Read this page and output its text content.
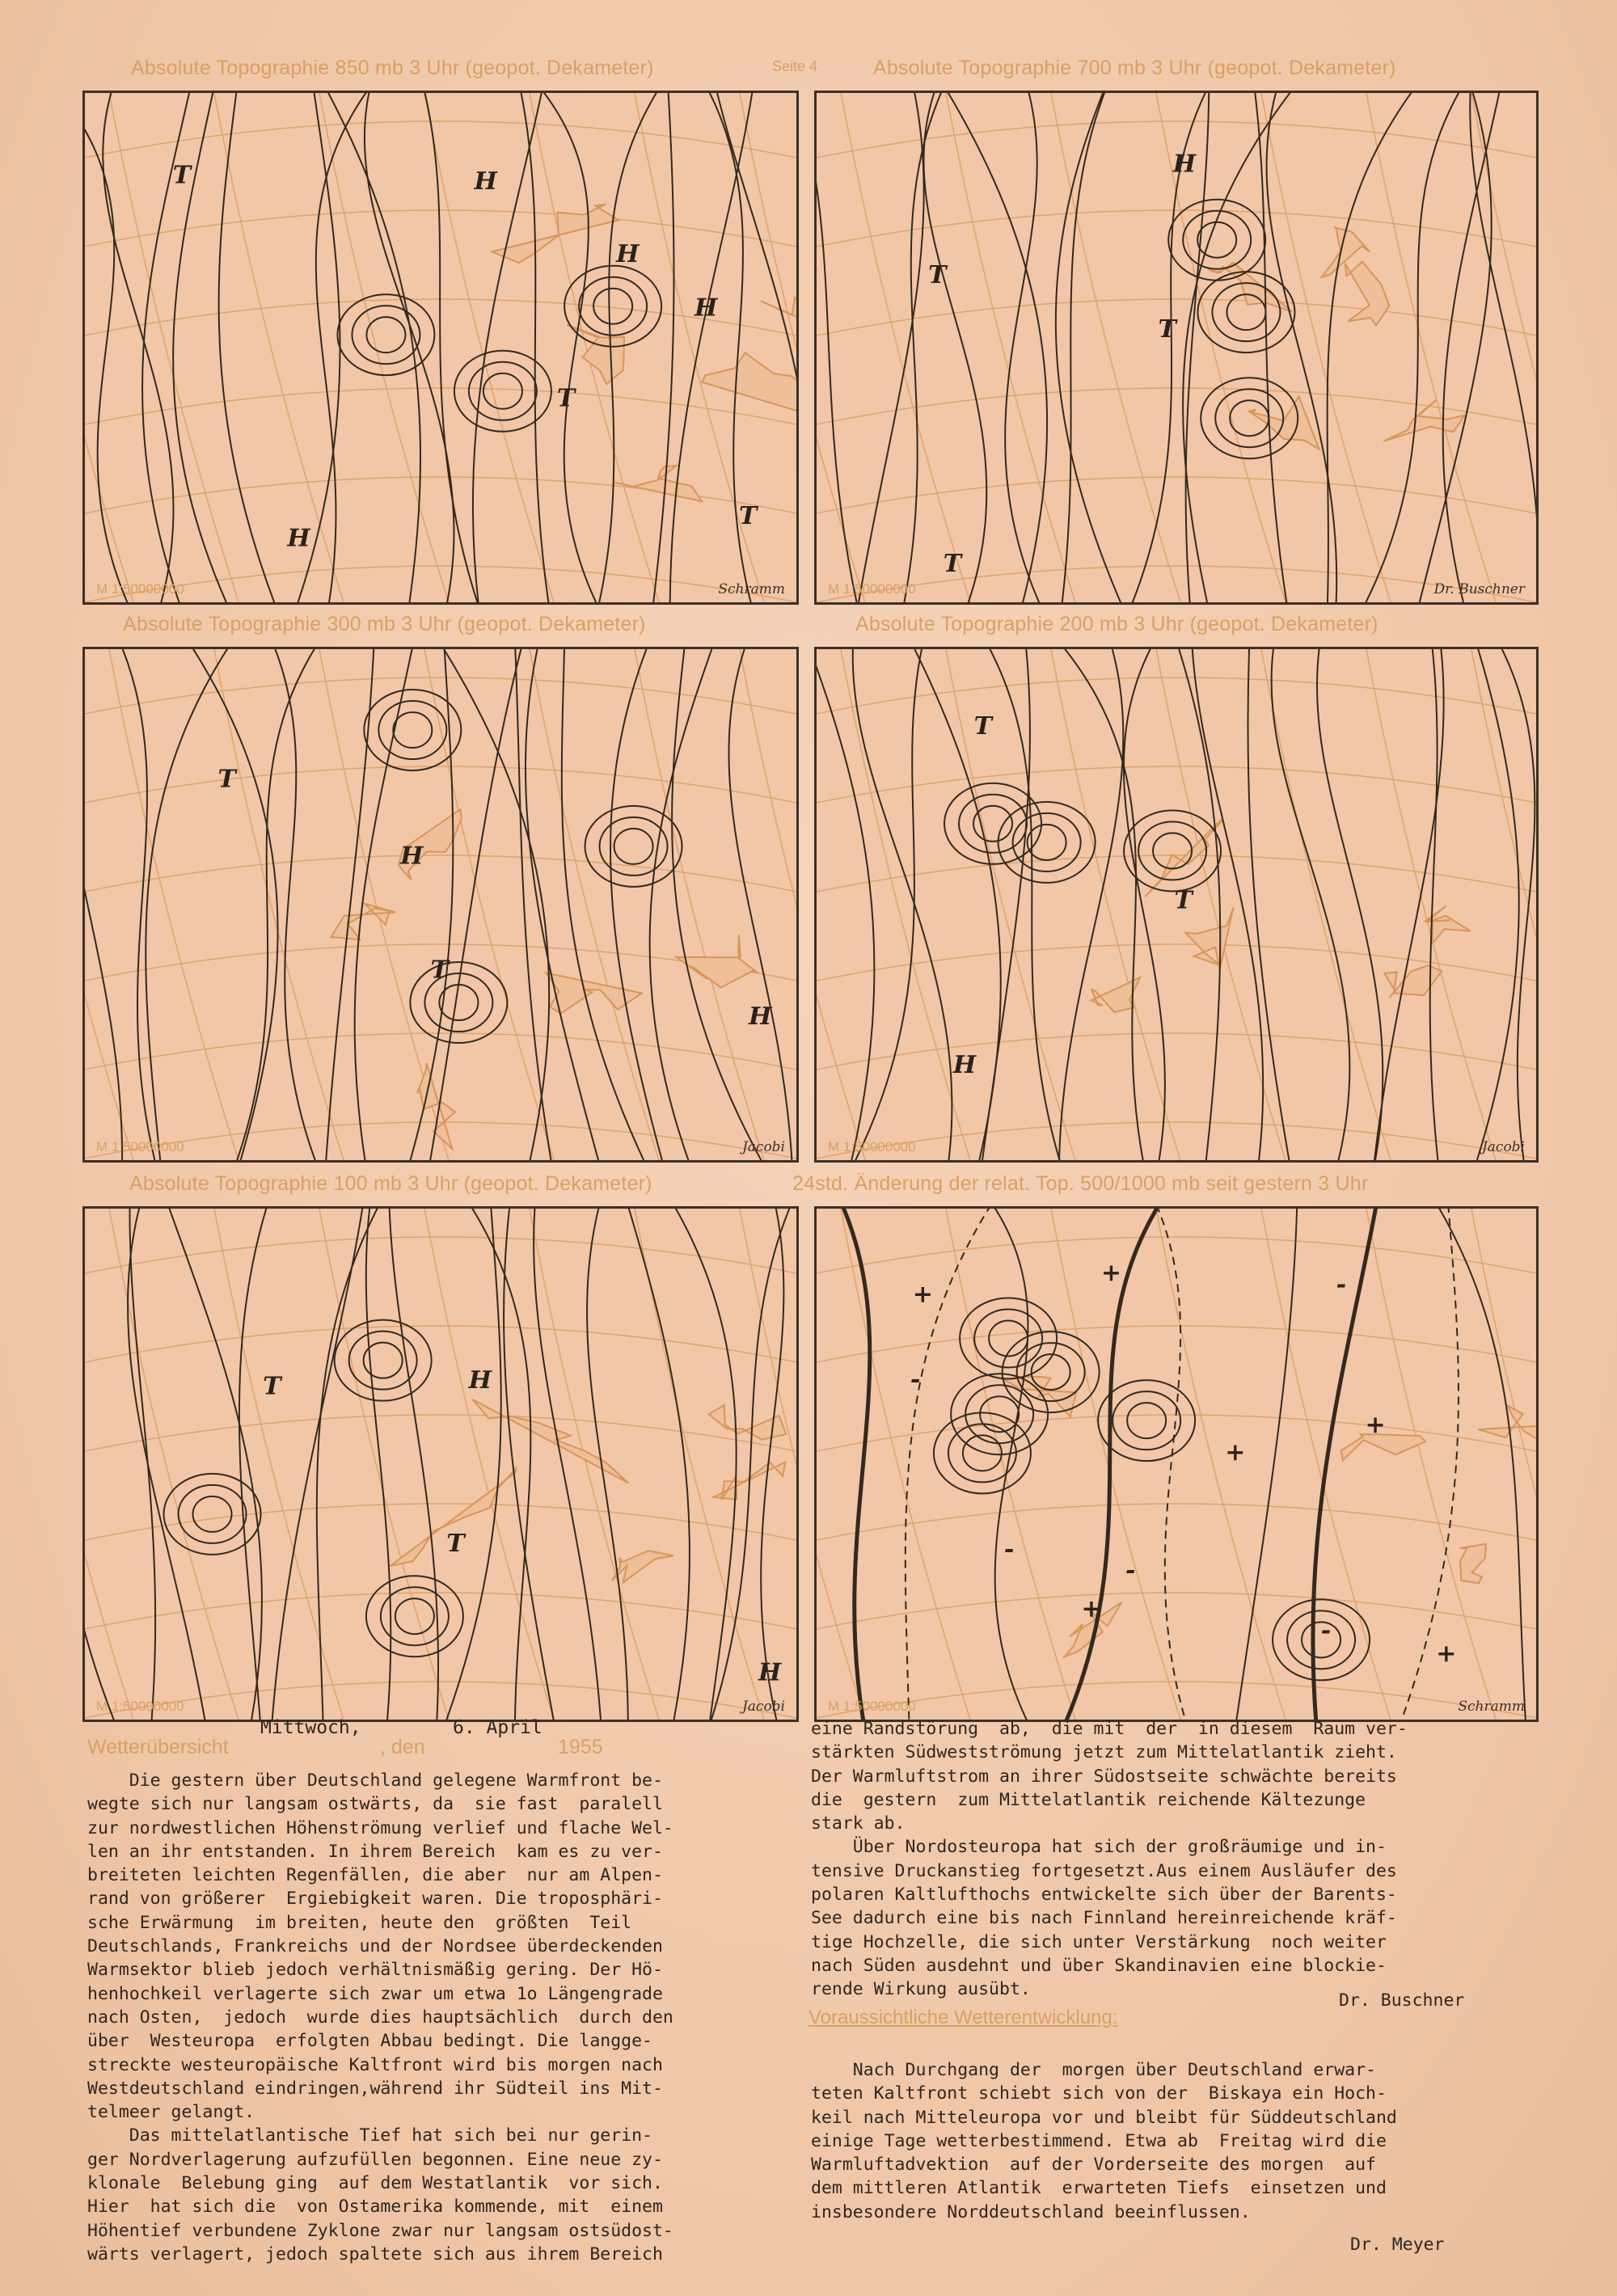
Seite 4
Absolute Topographie 850 mb 3 Uhr (geopot. Dekameter)	Absolute Topographie 700 mb 3 Uhr (geopot. Dekameter)
Absolute Topographie 300 mb 3 Uhr (geopot. Dekameter)	Absolute Topographie 200 mb 3 Uhr (geopot. Dekameter)
Absolute Topographie 100 mb 3 Uhr (geopot. Dekameter)	24std. Änderung der relat. Top. 500/1000 mb seit gestern 3 Uhr
T
T
T
H
H
H
H
M 1:50000000	Schramm
T
T
T
H
M 1:50000000	Dr. Buschner
T
T
H
H
M 1:50000000	Jacobi
T
T
H
M 1:50000000	Jacobi
T
T
H
H
M 1:50000000	Jacobi
+
+
+
+
+
+
-
-
-
-
-
M 1:50000000	Schramm
Wetterübersicht
Mittwoch,
, den
6. April
1955

Die gestern über Deutschland gelegene Warmfront be-

wegte sich nur langsam ostwärts, da  sie fast  paralell

zur nordwestlichen Höhenströmung verlief und flache Wel-

len an ihr entstanden. In ihrem Bereich  kam es zu ver-

breiteten leichten Regenfällen, die aber  nur am Alpen-

rand von größerer  Ergiebigkeit waren. Die troposphäri-

sche Erwärmung  im breiten, heute den  größten  Teil

Deutschlands, Frankreichs und der Nordsee überdeckenden

Warmsektor blieb jedoch verhältnismäßig gering. Der Hö-

henhochkeil verlagerte sich zwar um etwa 1o Längengrade

nach Osten,  jedoch  wurde dies hauptsächlich  durch den

über  Westeuropa  erfolgten Abbau bedingt. Die langge-

streckte westeuropäische Kaltfront wird bis morgen nach

Westdeutschland eindringen,während ihr Südteil ins Mit-

telmeer gelangt.

Das mittelatlantische Tief hat sich bei nur gerin-

ger Nordverlagerung aufzufüllen begonnen. Eine neue zy-

klonale  Belebung ging  auf dem Westatlantik  vor sich.

Hier  hat sich die  von Ostamerika kommende, mit  einem

Höhentief verbundene Zyklone zwar nur langsam ostsüdost-

wärts verlagert, jedoch spaltete sich aus ihrem Bereich

eine Randstörung  ab,  die mit  der  in diesem  Raum ver-

stärkten Südwestströmung jetzt zum Mittelatlantik zieht.

Der Warmluftstrom an ihrer Südostseite schwächte bereits

die  gestern  zum Mittelatlantik reichende Kältezunge

stark ab.

Über Nordosteuropa hat sich der großräumige und in-

tensive Druckanstieg fortgesetzt.Aus einem Ausläufer des

polaren Kaltlufthochs entwickelte sich über der Barents-

See dadurch eine bis nach Finnland hereinreichende kräf-

tige Hochzelle, die sich unter Verstärkung  noch weiter

nach Süden ausdehnt und über Skandinavien eine blockie-

rende Wirkung ausübt.

Dr. Buschner
Voraussichtliche Wetterentwicklung:

Nach Durchgang der  morgen über Deutschland erwar-

teten Kaltfront schiebt sich von der  Biskaya ein Hoch-

keil nach Mitteleuropa vor und bleibt für Süddeutschland

einige Tage wetterbestimmend. Etwa ab  Freitag wird die

Warmluftadvektion  auf der Vorderseite des morgen  auf

dem mittleren Atlantik  erwarteten Tiefs  einsetzen und

insbesondere Norddeutschland beeinflussen.

Dr. Meyer
